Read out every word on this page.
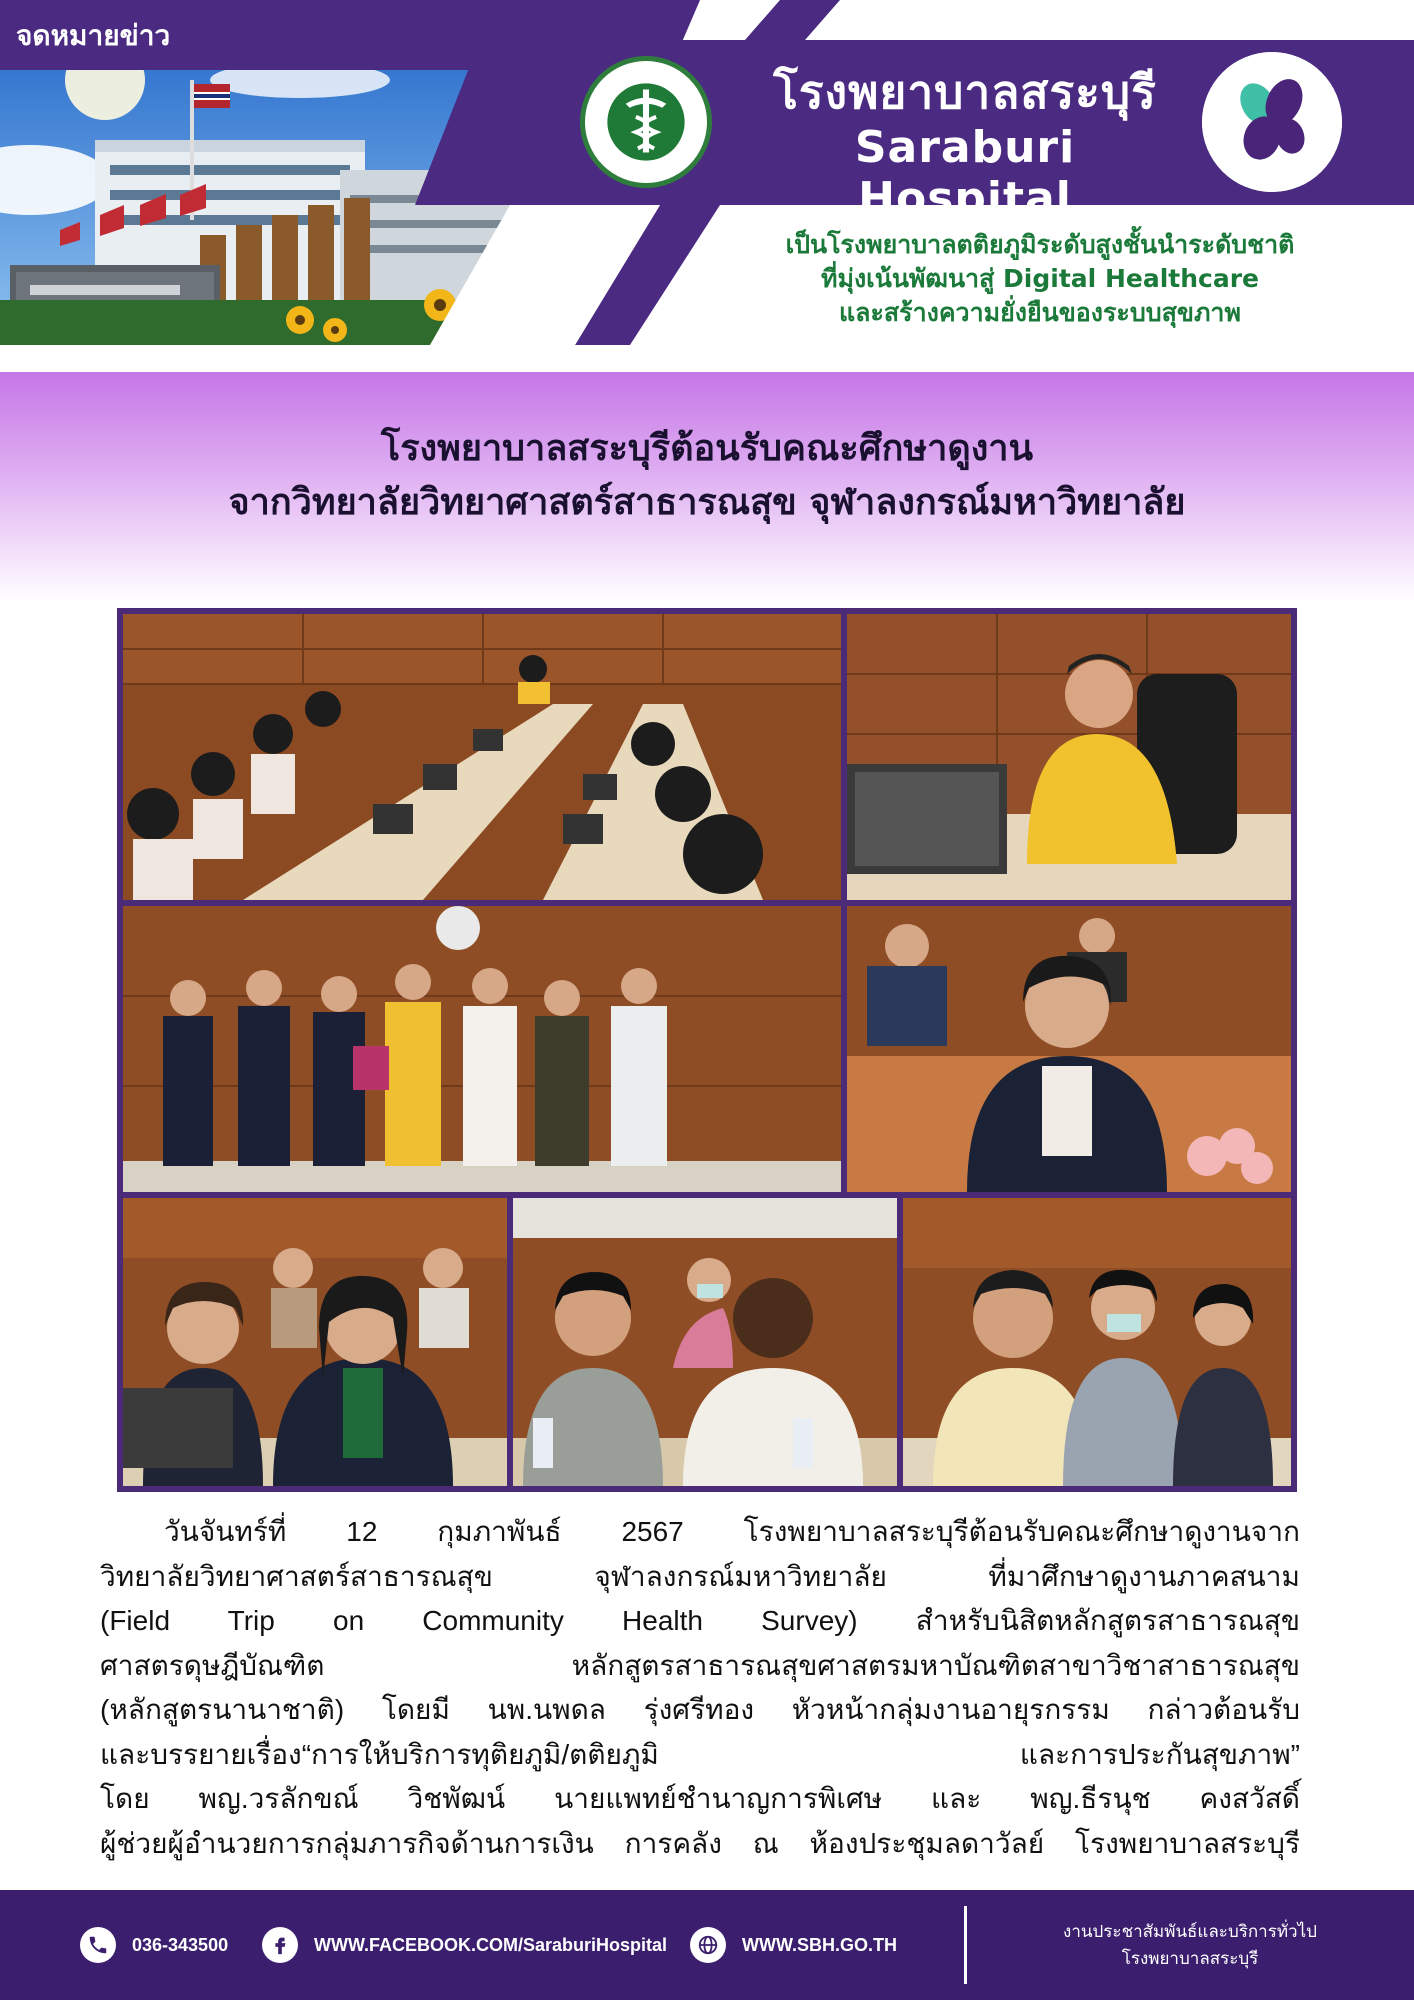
จดหมายข่าว
โรงพยาบาลสระบุรี
Saraburi Hospital
เป็นโรงพยาบาลตติยภูมิระดับสูงชั้นนำระดับชาติ
ที่มุ่งเน้นพัฒนาสู่ Digital Healthcare
และสร้างความยั่งยืนของระบบสุขภาพ
โรงพยาบาลสระบุรีต้อนรับคณะศึกษาดูงาน
จากวิทยาลัยวิทยาศาสตร์สาธารณสุข จุฬาลงกรณ์มหาวิทยาลัย
วันจันทร์ที่ 12 กุมภาพันธ์ 2567 โรงพยาบาลสระบุรีต้อนรับคณะศึกษาดูงานจาก
วิทยาลัยวิทยาศาสตร์สาธารณสุข จุฬาลงกรณ์มหาวิทยาลัย ที่มาศึกษาดูงานภาคสนาม
(Field Trip on Community Health Survey) สำหรับนิสิตหลักสูตรสาธารณสุข
ศาสตรดุษฎีบัณฑิต หลักสูตรสาธารณสุขศาสตรมหาบัณฑิตสาขาวิชาสาธารณสุข
(หลักสูตรนานาชาติ) โดยมี นพ.นพดล รุ่งศรีทอง หัวหน้ากลุ่มงานอายุรกรรม กล่าวต้อนรับ
และบรรยายเรื่อง“การให้บริการทุติยภูมิ/ตติยภูมิ และการประกันสุขภาพ”
โดย พญ.วรลักขณ์ วิชพัฒน์ นายแพทย์ชำนาญการพิเศษ และ พญ.ธีรนุช คงสวัสดิ์
ผู้ช่วยผู้อำนวยการกลุ่มภารกิจด้านการเงิน การคลัง ณ ห้องประชุมลดาวัลย์ โรงพยาบาลสระบุรี
036-343500	WWW.FACEBOOK.COM/SaraburiHospital	WWW.SBH.GO.TH
งานประชาสัมพันธ์และบริการทั่วไป
โรงพยาบาลสระบุรี
